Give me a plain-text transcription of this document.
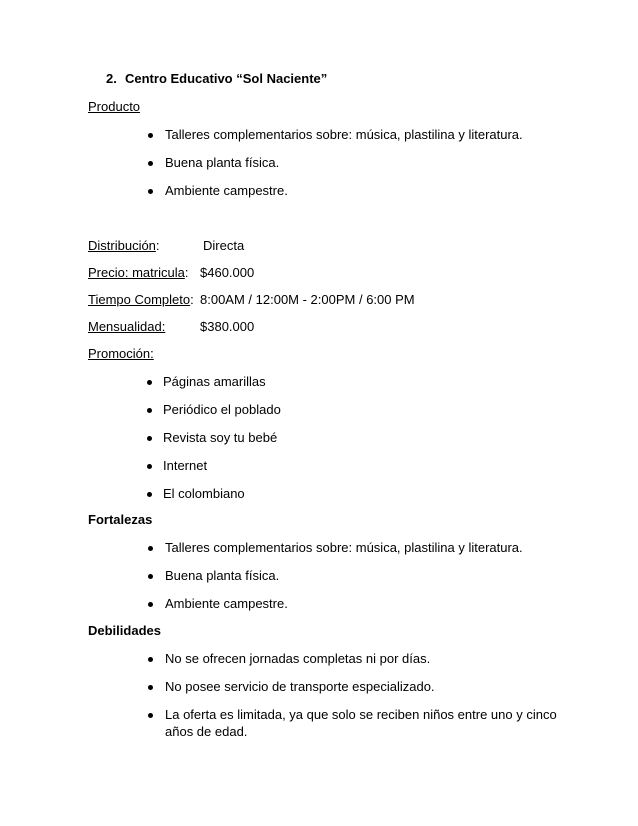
2. Centro Educativo “Sol Naciente”
Producto
Talleres complementarios sobre: música, plastilina y literatura.
Buena planta física.
Ambiente campestre.
Distribución:	Directa
Precio: matricula: $460.000
Tiempo Completo: 8:00AM / 12:00M - 2:00PM / 6:00 PM
Mensualidad:	$380.000
Promoción:
Páginas amarillas
Periódico el poblado
Revista soy tu bebé
Internet
El colombiano
Fortalezas
Talleres complementarios sobre: música, plastilina y literatura.
Buena planta física.
Ambiente campestre.
Debilidades
No se ofrecen jornadas completas ni por días.
No posee servicio de transporte especializado.
La oferta es limitada, ya que solo se reciben niños entre uno y cinco
años de edad.
